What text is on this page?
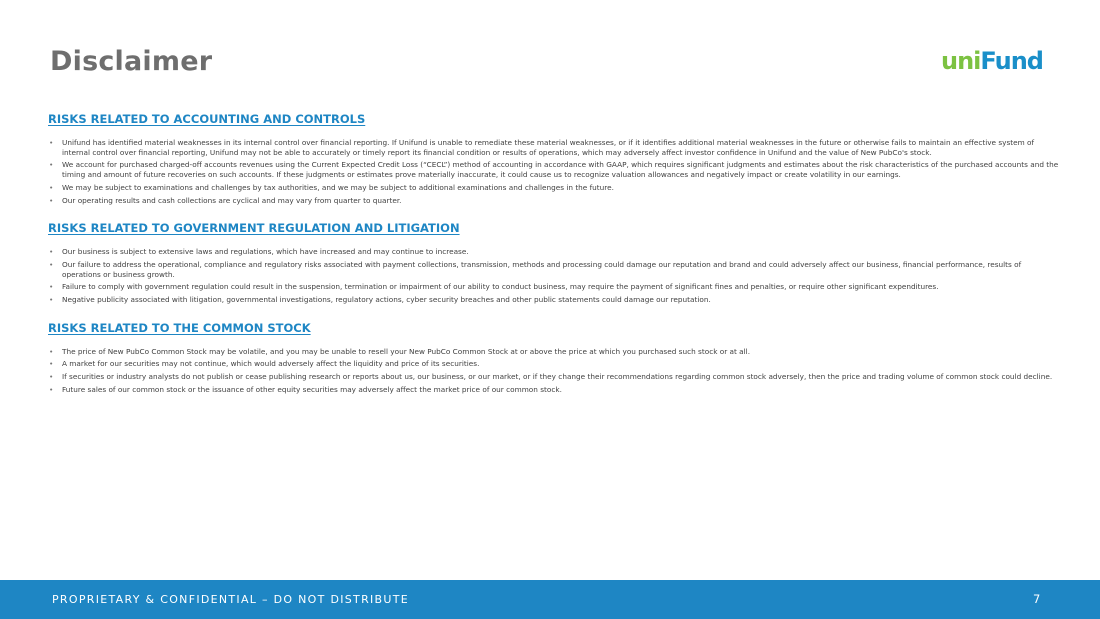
Disclaimer	uniFund
RISKS RELATED TO ACCOUNTING AND CONTROLS
• Unifund has identified material weaknesses in its internal control over financial reporting. If Unifund is unable to remediate these material weaknesses, or if it identifies additional material weaknesses in the future or otherwise fails to maintain an effective system of internal control over financial reporting, Unifund may not be able to accurately or timely report its financial condition or results of operations, which may adversely affect investor confidence in Unifund and the value of New PubCo's stock.
• We account for purchased charged-off accounts revenues using the Current Expected Credit Loss (“CECL”) method of accounting in accordance with GAAP, which requires significant judgments and estimates about the risk characteristics of the purchased accounts and the timing and amount of future recoveries on such accounts. If these judgments or estimates prove materially inaccurate, it could cause us to recognize valuation allowances and negatively impact or create volatility in our earnings.
• We may be subject to examinations and challenges by tax authorities, and we may be subject to additional examinations and challenges in the future.
• Our operating results and cash collections are cyclical and may vary from quarter to quarter.
RISKS RELATED TO GOVERNMENT REGULATION AND LITIGATION
• Our business is subject to extensive laws and regulations, which have increased and may continue to increase.
• Our failure to address the operational, compliance and regulatory risks associated with payment collections, transmission, methods and processing could damage our reputation and brand and could adversely affect our business, financial performance, results of operations or business growth.
• Failure to comply with government regulation could result in the suspension, termination or impairment of our ability to conduct business, may require the payment of significant fines and penalties, or require other significant expenditures.
• Negative publicity associated with litigation, governmental investigations, regulatory actions, cyber security breaches and other public statements could damage our reputation.
RISKS RELATED TO THE COMMON STOCK
• The price of New PubCo Common Stock may be volatile, and you may be unable to resell your New PubCo Common Stock at or above the price at which you purchased such stock or at all.
• A market for our securities may not continue, which would adversely affect the liquidity and price of its securities.
• If securities or industry analysts do not publish or cease publishing research or reports about us, our business, or our market, or if they change their recommendations regarding common stock adversely, then the price and trading volume of common stock could decline.
• Future sales of our common stock or the issuance of other equity securities may adversely affect the market price of our common stock.
PROPRIETARY & CONFIDENTIAL – DO NOT DISTRIBUTE	7
